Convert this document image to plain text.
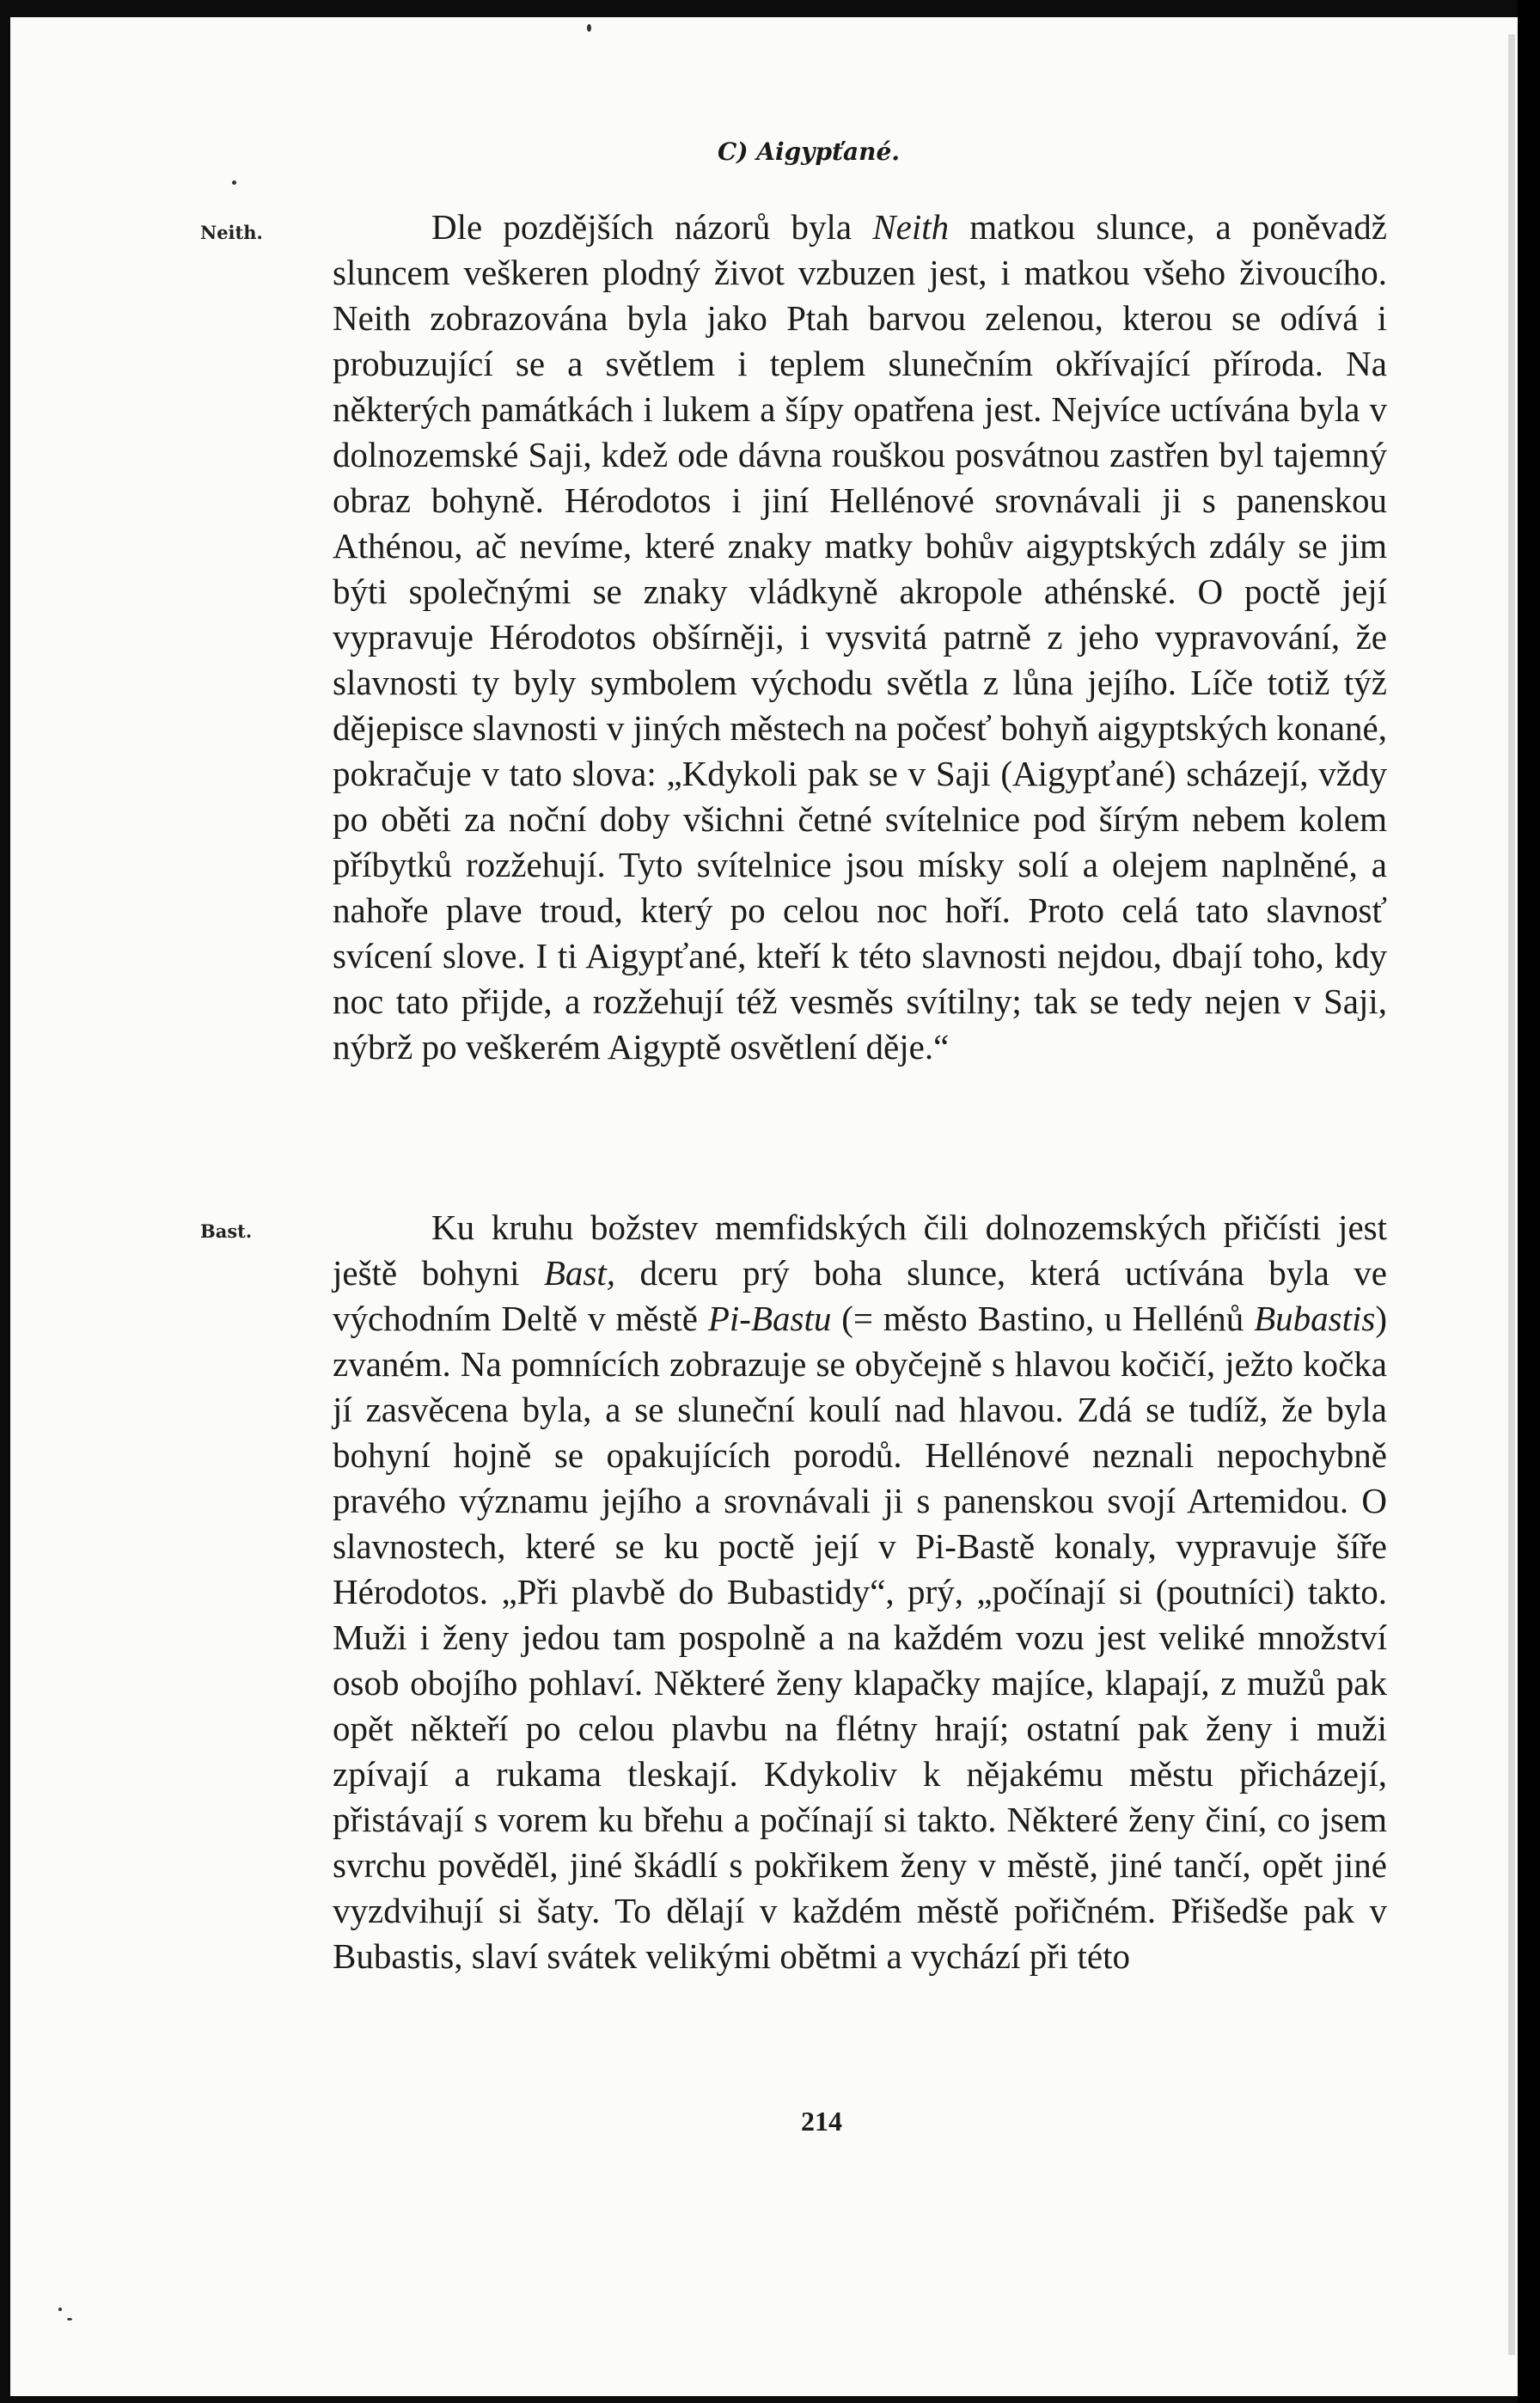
C) Aigypťané.
Neith.
Bast.
Dle pozdějších názorů byla Neith matkou slunce, a poněvadž sluncem veškeren plodný život vzbuzen jest, i matkou všeho živoucího. Neith zobrazována byla jako Ptah barvou zelenou, kterou se odívá i probuzující se a světlem i teplem slunečním okřívající příroda. Na některých památkách i lukem a šípy opatřena jest. Nejvíce uctívána byla v dolnozemské Saji, kdež ode dávna rouškou posvátnou zastřen byl tajemný obraz bohyně. Hérodotos i jiní Hellénové srovnávali ji s panenskou Athénou, ač nevíme, které znaky matky bohův aigyptských zdály se jim býti společnými se znaky vládkyně akropole athénské. O poctě její vypravuje Hérodotos obšírněji, i vysvitá patrně z jeho vypravování, že slavnosti ty byly symbolem východu světla z lůna jejího. Líče totiž týž dějepisce slavnosti v jiných městech na počesť bohyň aigyptských konané, pokračuje v tato slova: „Kdykoli pak se v Saji (Aigypťané) scházejí, vždy po oběti za noční doby všichni četné svítelnice pod šírým nebem kolem příbytků rozžehují. Tyto svítelnice jsou mísky solí a olejem naplněné, a nahoře plave troud, který po celou noc hoří. Proto celá tato slavnosť svícení slove. I ti Aigypťané, kteří k této slavnosti nejdou, dbají toho, kdy noc tato přijde, a rozžehují též vesměs svítilny; tak se tedy nejen v Saji, nýbrž po veškerém Aigyptě osvětlení děje.“
Ku kruhu božstev memfidských čili dolnozemských přičísti jest ještě bohyni Bast, dceru prý boha slunce, která uctívána byla ve východním Deltě v městě Pi-Bastu (= město Bastino, u Hellénů Bubastis) zvaném. Na pomnících zobrazuje se obyčejně s hlavou kočičí, ježto kočka jí zasvěcena byla, a se sluneční koulí nad hlavou. Zdá se tudíž, že byla bohyní hojně se opakujících porodů. Hellénové neznali nepochybně pravého významu jejího a srovnávali ji s panenskou svojí Artemidou. O slavnostech, které se ku poctě její v Pi-Bastě konaly, vypravuje šíře Hérodotos. „Při plavbě do Bubastidy“, prý, „počínají si (poutníci) takto. Muži i ženy jedou tam pospolně a na každém vozu jest veliké množství osob obojího pohlaví. Některé ženy klapačky majíce, klapají, z mužů pak opět někteří po celou plavbu na flétny hrají; ostatní pak ženy i muži zpívají a rukama tleskají. Kdykoliv k nějakému městu přicházejí, přistávají s vorem ku břehu a počínají si takto. Některé ženy činí, co jsem svrchu pověděl, jiné škádlí s pokřikem ženy v městě, jiné tančí, opět jiné vyzdvihují si šaty. To dělají v každém městě pořičném. Přišedše pak v Bubastis, slaví svátek velikými obětmi a vychází při této
214
